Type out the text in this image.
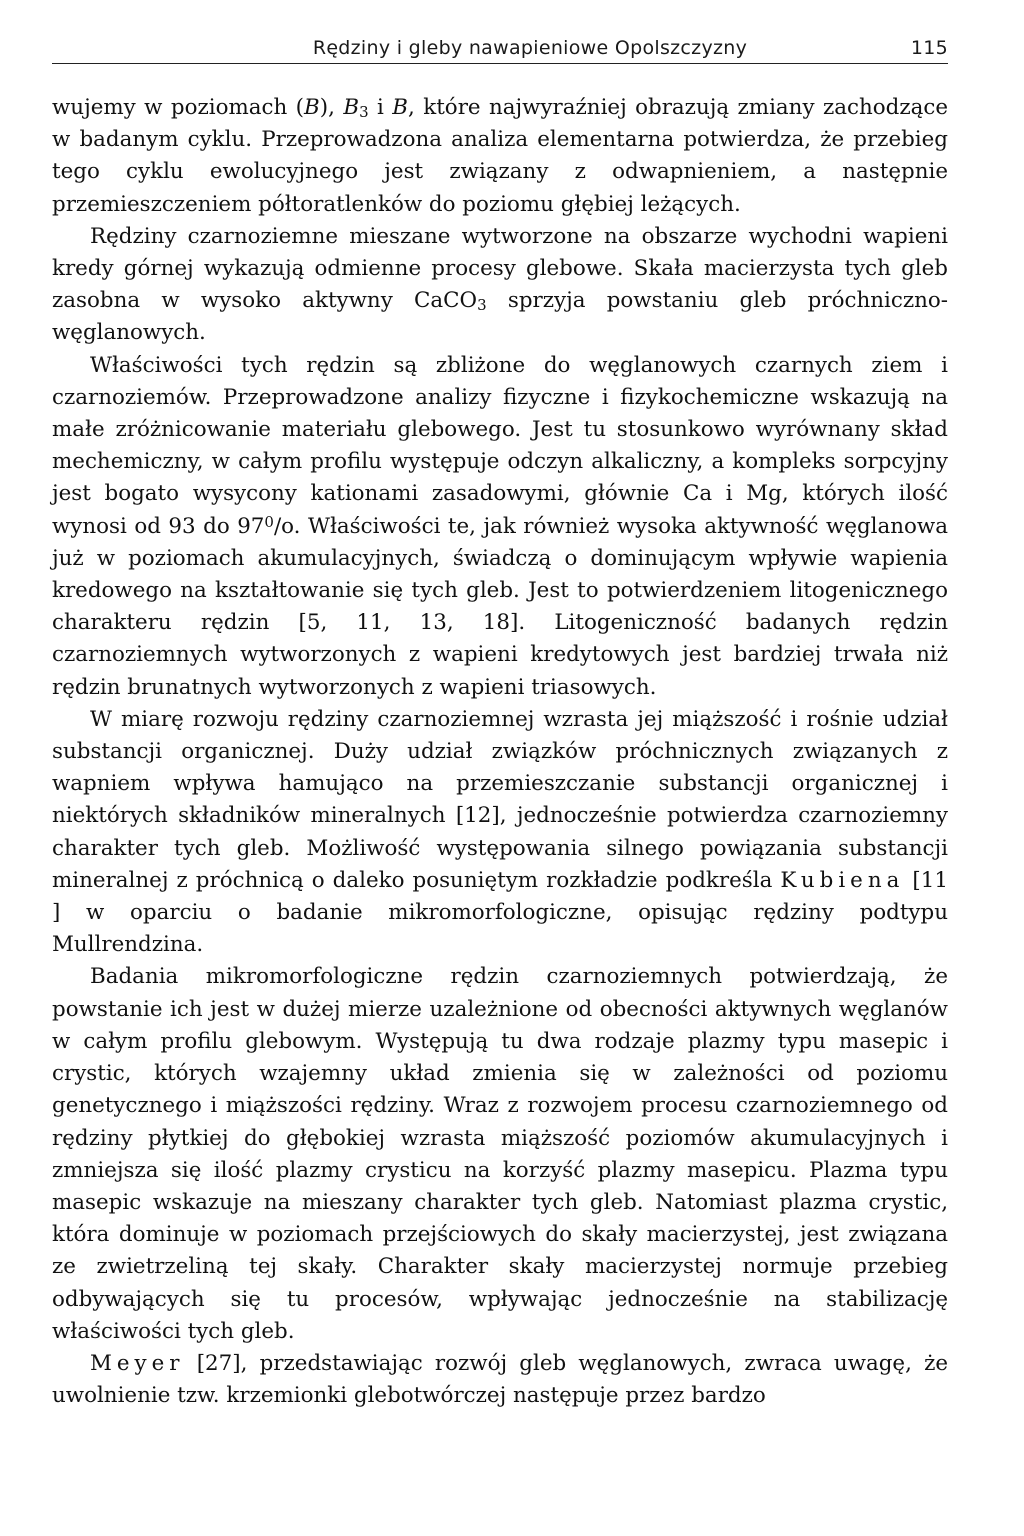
Rędziny i gleby nawapieniowe Opolszczyzny	115

wujemy w poziomach (B), $B_3$ i B, które najwyraźniej obrazują zmiany zachodzące w badanym cyklu. Przeprowadzona analiza elementarna potwierdza, że przebieg tego cyklu ewolucyjnego jest związany z odwapnieniem, a następnie przemieszczeniem półtoratlenków do poziomu głębiej leżących.

Rędziny czarnoziemne mieszane wytworzone na obszarze wychodni wapieni kredy górnej wykazują odmienne procesy glebowe. Skała macierzysta tych gleb zasobna w wysoko aktywny CaCO$_3$ sprzyja powstaniu gleb próchniczno-węglanowych.

Właściwości tych rędzin są zbliżone do węglanowych czarnych ziem i czarnoziemów. Przeprowadzone analizy fizyczne i fizykochemiczne wskazują na małe zróżnicowanie materiału glebowego. Jest tu stosunkowo wyrównany skład mechemiczny, w całym profilu występuje odczyn alkaliczny, a kompleks sorpcyjny jest bogato wysycony kationami zasadowymi, głównie Ca i Mg, których ilość wynosi od 93 do $97^0/o$. Właściwości te, jak również wysoka aktywność węglanowa już w poziomach akumulacyjnych, świadczą o dominującym wpływie wapienia kredowego na kształtowanie się tych gleb. Jest to potwierdzeniem litogenicznego charakteru rędzin [5, 11, 13, 18]. Litogeniczność badanych rędzin czarnoziemnych wytworzonych z wapieni kredytowych jest bardziej trwała niż rędzin brunatnych wytworzonych z wapieni triasowych.

W miarę rozwoju rędziny czarnoziemnej wzrasta jej miąższość i rośnie udział substancji organicznej. Duży udział związków próchnicznych związanych z wapniem wpływa hamująco na przemieszczanie substancji organicznej i niektórych składników mineralnych [12], jednocześnie potwierdza czarnoziemny charakter tych gleb. Możliwość występowania silnego powiązania substancji mineralnej z próchnicą o daleko posuniętym rozkładzie podkreśla Kubiena [11 ] w oparciu o badanie mikromorfologiczne, opisując rędziny podtypu Mullrendzina.

Badania mikromorfologiczne rędzin czarnoziemnych potwierdzają, że powstanie ich jest w dużej mierze uzależnione od obecności aktywnych węglanów w całym profilu glebowym. Występują tu dwa rodzaje plazmy typu masepic i crystic, których wzajemny układ zmienia się w zależności od poziomu genetycznego i miąższości rędziny. Wraz z rozwojem procesu czarnoziemnego od rędziny płytkiej do głębokiej wzrasta miąższość poziomów akumulacyjnych i zmniejsza się ilość plazmy crysticu na korzyść plazmy masepicu. Plazma typu masepic wskazuje na mieszany charakter tych gleb. Natomiast plazma crystic, która dominuje w poziomach przejściowych do skały macierzystej, jest związana ze zwietrzeliną tej skały. Charakter skały macierzystej normuje przebieg odbywających się tu procesów, wpływając jednocześnie na stabilizację właściwości tych gleb.

Meyer [27], przedstawiając rozwój gleb węglanowych, zwraca uwagę, że uwolnienie tzw. krzemionki glebotwórczej następuje przez bardzo
